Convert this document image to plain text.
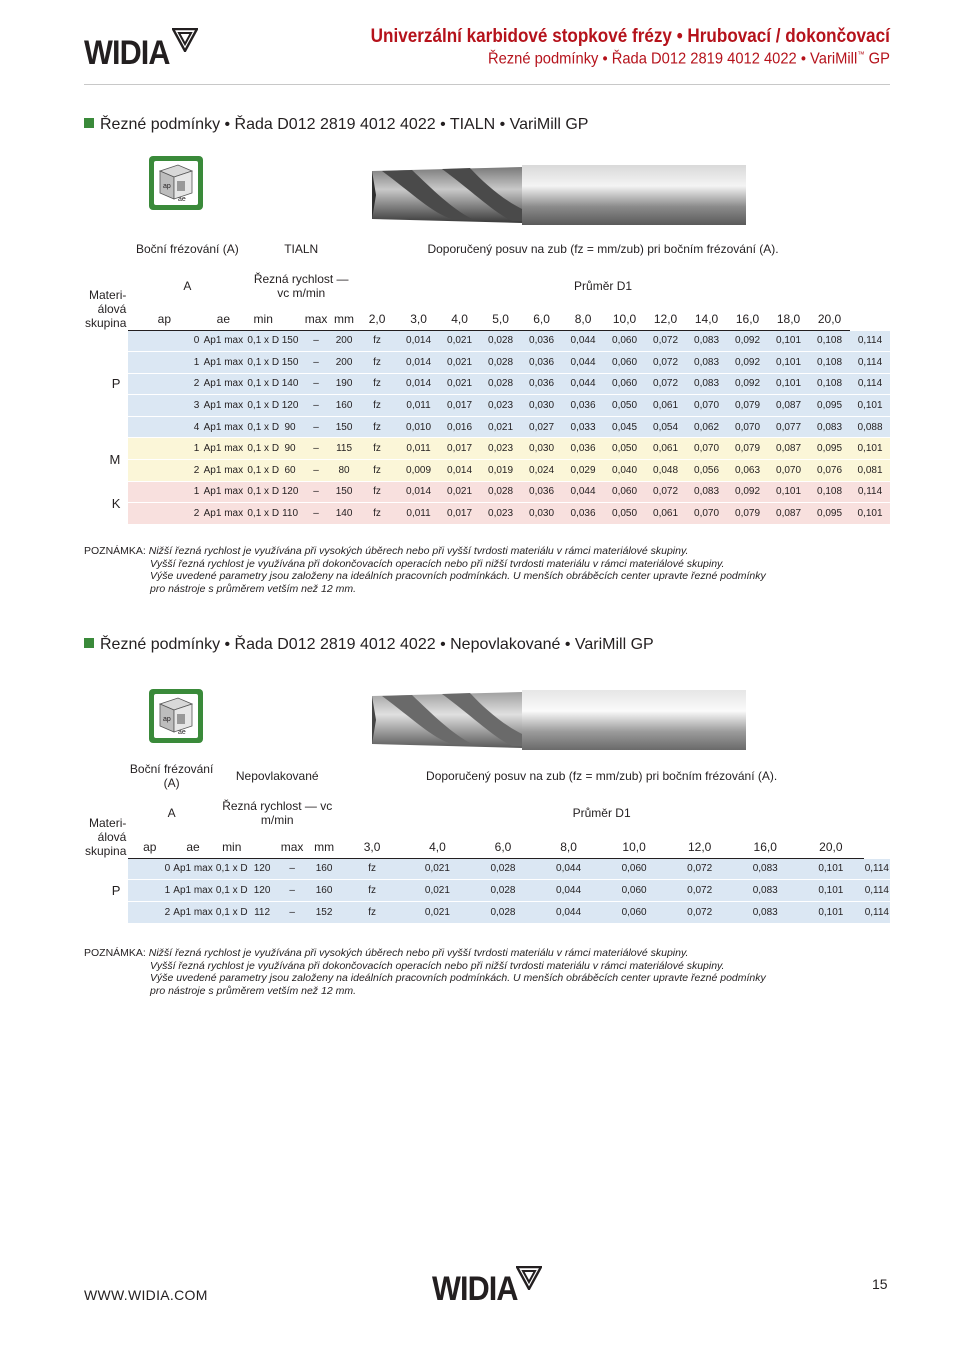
WIDIA	Univerzální karbidové stopkové frézy • Hrubovací / dokončovací
Řezné podmínky • Řada D012 2819 4012 4022 • VariMill™ GP
Řezné podmínky • Řada D012 2819 4012 4022 • TIALN • VariMill GP
ap
ae
	Boční frézování (A)		TIALN				Doporučený posuv na zub (fz = mm/zub) pri bočním frézování (A).												
Materi-álová skupina	A		Řezná rychlost — vc m/min				Průměr D1												
	ap	ae	min		max	mm	2,0	3,0	4,0	5,0	6,0	8,0	10,0	12,0	14,0	16,0	18,0	20,0	
P	0	Ap1 max	0,1 x D	150	–	200	fz	0,014	0,021	0,028	0,036	0,044	0,060	0,072	0,083	0,092	0,101	0,108	0,114
	1	Ap1 max	0,1 x D	150	–	200	fz	0,014	0,021	0,028	0,036	0,044	0,060	0,072	0,083	0,092	0,101	0,108	0,114
	2	Ap1 max	0,1 x D	140	–	190	fz	0,014	0,021	0,028	0,036	0,044	0,060	0,072	0,083	0,092	0,101	0,108	0,114
	3	Ap1 max	0,1 x D	120	–	160	fz	0,011	0,017	0,023	0,030	0,036	0,050	0,061	0,070	0,079	0,087	0,095	0,101
	4	Ap1 max	0,1 x D	90	–	150	fz	0,010	0,016	0,021	0,027	0,033	0,045	0,054	0,062	0,070	0,077	0,083	0,088
M	1	Ap1 max	0,1 x D	90	–	115	fz	0,011	0,017	0,023	0,030	0,036	0,050	0,061	0,070	0,079	0,087	0,095	0,101
	2	Ap1 max	0,1 x D	60	–	80	fz	0,009	0,014	0,019	0,024	0,029	0,040	0,048	0,056	0,063	0,070	0,076	0,081
K	1	Ap1 max	0,1 x D	120	–	150	fz	0,014	0,021	0,028	0,036	0,044	0,060	0,072	0,083	0,092	0,101	0,108	0,114
	2	Ap1 max	0,1 x D	110	–	140	fz	0,011	0,017	0,023	0,030	0,036	0,050	0,061	0,070	0,079	0,087	0,095	0,101
POZNÁMKA: Nižší řezná rychlost je využívána při vysokých úběrech nebo při vyšší tvrdosti materiálu v rámci materiálové skupiny.
Vyšší řezná rychlost je využívána při dokončovacích operacích nebo při nižší tvrdosti materiálu v rámci materiálové skupiny.
Výše uvedené parametry jsou založeny na ideálních pracovních podmínkách. U menších obráběcích center upravte řezné podmínky
pro nástroje s průměrem vetším než 12 mm.
Řezné podmínky • Řada D012 2819 4012 4022 • Nepovlakované • VariMill GP
ap
ae
	Boční frézování (A)		Nepovlakované				Doporučený posuv na zub (fz = mm/zub) pri bočním frézování (A).								
Materi-álová skupina	A		Řezná rychlost — vc m/min				Průměr D1								
	ap	ae	min		max	mm	3,0	4,0	6,0	8,0	10,0	12,0	16,0	20,0	
P	0	Ap1 max	0,1 x D	120	–	160	fz	0,021	0,028	0,044	0,060	0,072	0,083	0,101	0,114
	1	Ap1 max	0,1 x D	120	–	160	fz	0,021	0,028	0,044	0,060	0,072	0,083	0,101	0,114
	2	Ap1 max	0,1 x D	112	–	152	fz	0,021	0,028	0,044	0,060	0,072	0,083	0,101	0,114
POZNÁMKA: Nižší řezná rychlost je využívána při vysokých úběrech nebo při vyšší tvrdosti materiálu v rámci materiálové skupiny.
Vyšší řezná rychlost je využívána při dokončovacích operacích nebo při nižší tvrdosti materiálu v rámci materiálové skupiny.
Výše uvedené parametry jsou založeny na ideálních pracovních podmínkách. U menších obráběcích center upravte řezné podmínky
pro nástroje s průměrem vetším než 12 mm.
WWW.WIDIA.COM	WIDIA	15
